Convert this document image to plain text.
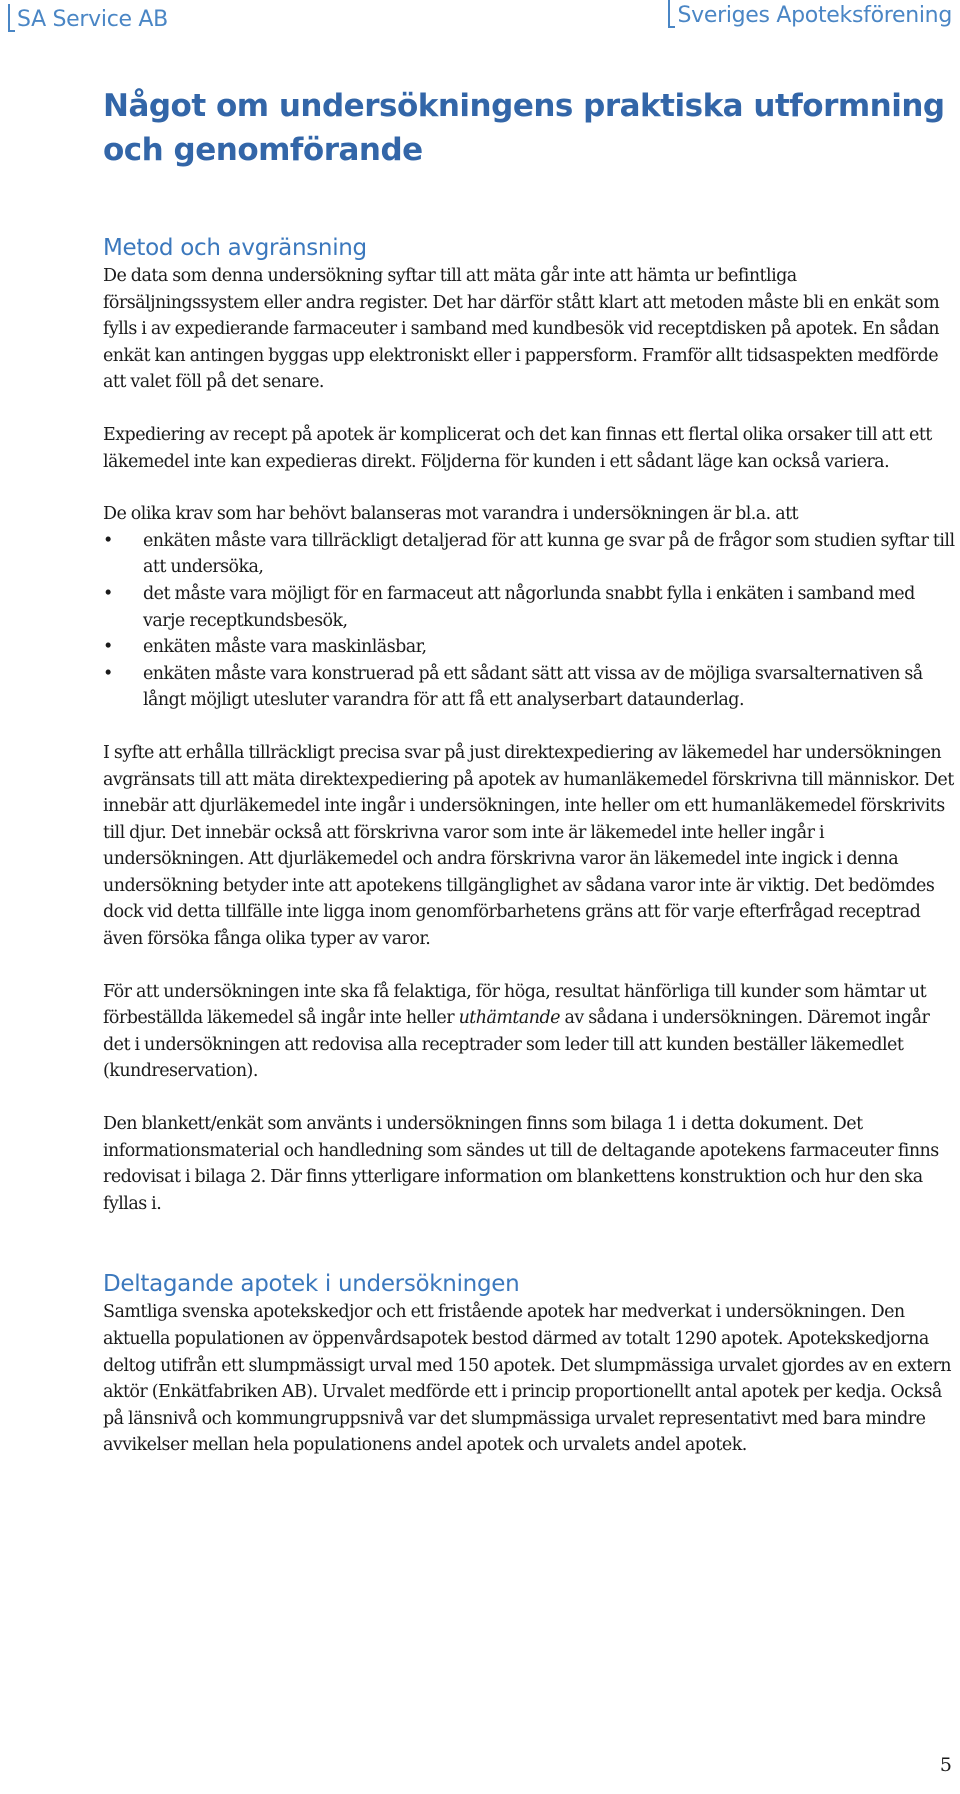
SA Service AB	Sveriges Apoteksförening
Något om undersökningens praktiska utformning och genomförande
Metod och avgränsning

De data som denna undersökning syftar till att mäta går inte att hämta ur befintliga försäljningssystem eller andra register. Det har därför stått klart att metoden måste bli en enkät som fylls i av expedierande farmaceuter i samband med kundbesök vid receptdisken på apotek. En sådan enkät kan antingen byggas upp elektroniskt eller i pappersform. Framför allt tidsaspekten medförde att valet föll på det senare.

Expediering av recept på apotek är komplicerat och det kan finnas ett flertal olika orsaker till att ett läkemedel inte kan expedieras direkt. Följderna för kunden i ett sådant läge kan också variera.

De olika krav som har behövt balanseras mot varandra i undersökningen är bl.a. att

•	enkäten måste vara tillräckligt detaljerad för att kunna ge svar på de frågor som studien syftar till att undersöka,
•	det måste vara möjligt för en farmaceut att någorlunda snabbt fylla i enkäten i samband med varje receptkundsbesök,
•	enkäten måste vara maskinläsbar,
•	enkäten måste vara konstruerad på ett sådant sätt att vissa av de möjliga svarsalternativen så långt möjligt utesluter varandra för att få ett analyserbart dataunderlag.

I syfte att erhålla tillräckligt precisa svar på just direktexpediering av läkemedel har undersökningen avgränsats till att mäta direktexpediering på apotek av humanläkemedel förskrivna till människor. Det innebär att djurläkemedel inte ingår i undersökningen, inte heller om ett humanläkemedel förskrivits till djur. Det innebär också att förskrivna varor som inte är läkemedel inte heller ingår i undersökningen. Att djurläkemedel och andra förskrivna varor än läkemedel inte ingick i denna undersökning betyder inte att apotekens tillgänglighet av sådana varor inte är viktig. Det bedömdes dock vid detta tillfälle inte ligga inom genomförbarhetens gräns att för varje efterfrågad receptrad även försöka fånga olika typer av varor.

För att undersökningen inte ska få felaktiga, för höga, resultat hänförliga till kunder som hämtar ut förbeställda läkemedel så ingår inte heller uthämtande av sådana i undersökningen. Däremot ingår det i undersökningen att redovisa alla receptrader som leder till att kunden beställer läkemedlet (kundreservation).

Den blankett/enkät som använts i undersökningen finns som bilaga 1 i detta dokument. Det informationsmaterial och handledning som sändes ut till de deltagande apotekens farmaceuter finns redovisat i bilaga 2. Där finns ytterligare information om blankettens konstruktion och hur den ska fyllas i.

Deltagande apotek i undersökningen

Samtliga svenska apotekskedjor och ett fristående apotek har medverkat i undersökningen. Den aktuella populationen av öppenvårdsapotek bestod därmed av totalt 1290 apotek. Apotekskedjorna deltog utifrån ett slumpmässigt urval med 150 apotek. Det slumpmässiga urvalet gjordes av en extern aktör (Enkätfabriken AB). Urvalet medförde ett i princip proportionellt antal apotek per kedja. Också på länsnivå och kommungruppsnivå var det slumpmässiga urvalet representativt med bara mindre avvikelser mellan hela populationens andel apotek och urvalets andel apotek.

5
